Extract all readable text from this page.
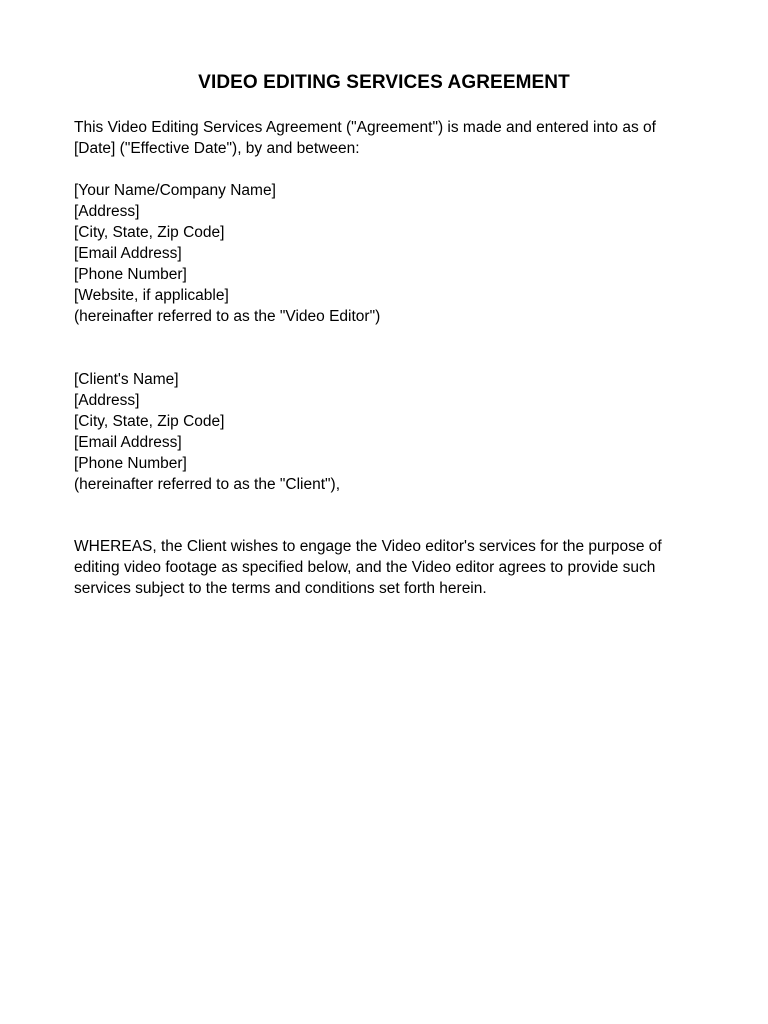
VIDEO EDITING SERVICES AGREEMENT
This Video Editing Services Agreement ("Agreement") is made and entered into as of
[Date] ("Effective Date"), by and between:
[Your Name/Company Name]
[Address]
[City, State, Zip Code]
[Email Address]
[Phone Number]
[Website, if applicable]
(hereinafter referred to as the "Video Editor")
[Client's Name]
[Address]
[City, State, Zip Code]
[Email Address]
[Phone Number]
(hereinafter referred to as the "Client"),
WHEREAS, the Client wishes to engage the Video editor's services for the purpose of
editing video footage as specified below, and the Video editor agrees to provide such
services subject to the terms and conditions set forth herein.
